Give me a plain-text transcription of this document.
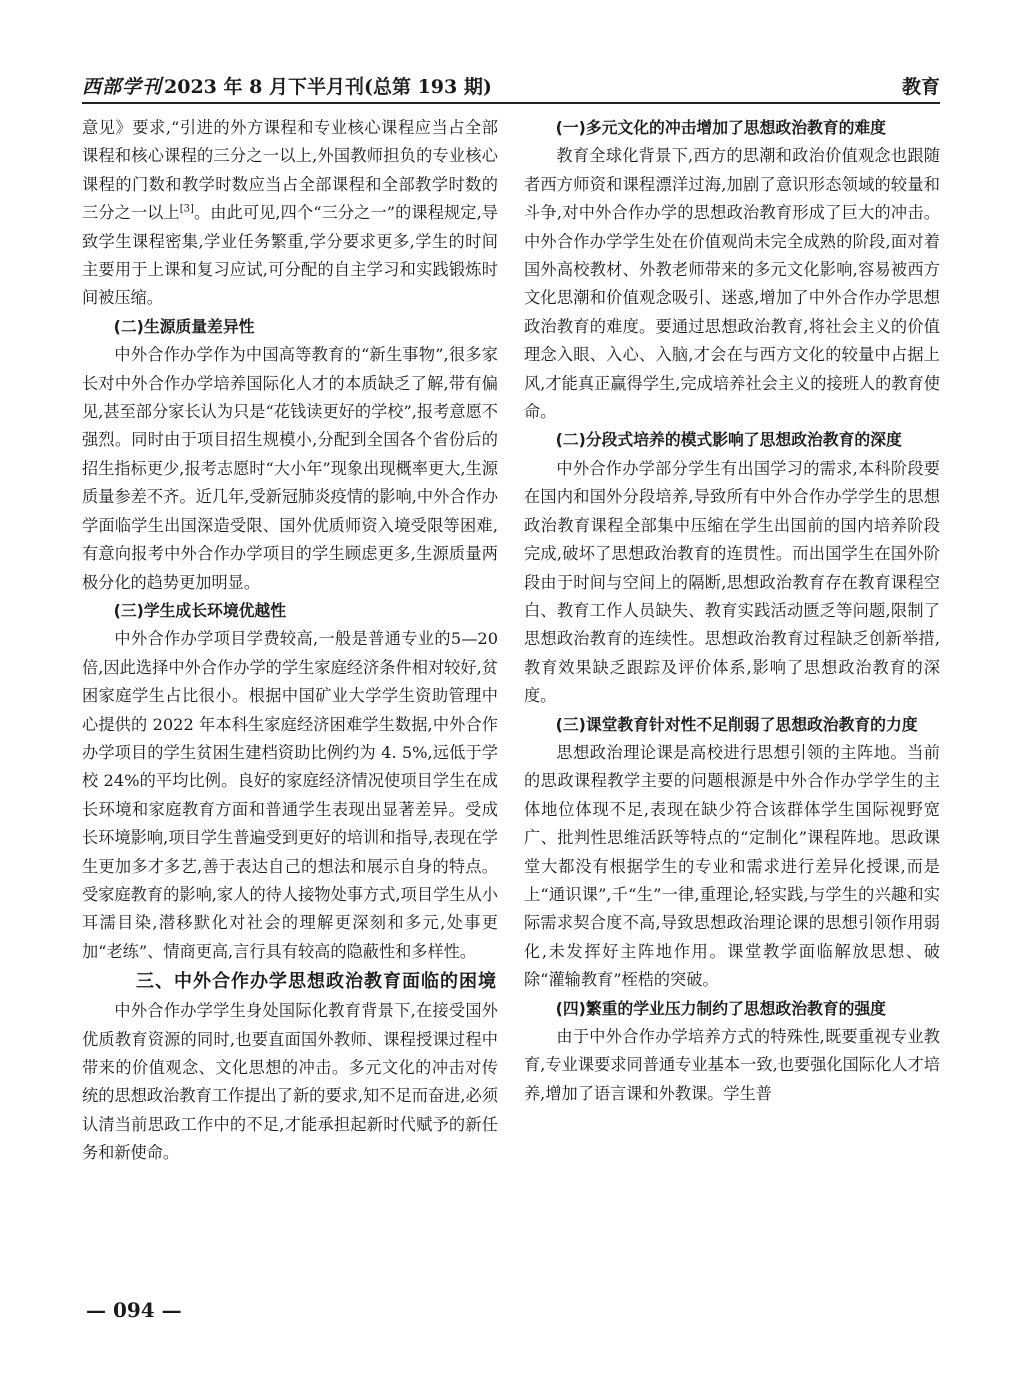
西部学刊 2023 年 8 月下半月刊(总第 193 期)	教育

意见》要求,“引进的外方课程和专业核心课程应当占全部课程和核心课程的三分之一以上,外国教师担负的专业核心课程的门数和教学时数应当占全部课程和全部教学时数的三分之一以上[3]。由此可见,四个“三分之一”的课程规定,导致学生课程密集,学业任务繁重,学分要求更多,学生的时间主要用于上课和复习应试,可分配的自主学习和实践锻炼时间被压缩。

(二)生源质量差异性

中外合作办学作为中国高等教育的“新生事物”,很多家长对中外合作办学培养国际化人才的本质缺乏了解,带有偏见,甚至部分家长认为只是“花钱读更好的学校”,报考意愿不强烈。同时由于项目招生规模小,分配到全国各个省份后的招生指标更少,报考志愿时“大小年”现象出现概率更大,生源质量参差不齐。近几年,受新冠肺炎疫情的影响,中外合作办学面临学生出国深造受限、国外优质师资入境受限等困难,有意向报考中外合作办学项目的学生顾虑更多,生源质量两极分化的趋势更加明显。

(三)学生成长环境优越性

中外合作办学项目学费较高,一般是普通专业的5—20 倍,因此选择中外合作办学的学生家庭经济条件相对较好,贫困家庭学生占比很小。根据中国矿业大学学生资助管理中心提供的 2022 年本科生家庭经济困难学生数据,中外合作办学项目的学生贫困生建档资助比例约为 4. 5%,远低于学校 24%的平均比例。良好的家庭经济情况使项目学生在成长环境和家庭教育方面和普通学生表现出显著差异。受成长环境影响,项目学生普遍受到更好的培训和指导,表现在学生更加多才多艺,善于表达自己的想法和展示自身的特点。受家庭教育的影响,家人的待人接物处事方式,项目学生从小耳濡目染,潜移默化对社会的理解更深刻和多元,处事更加“老练”、情商更高,言行具有较高的隐蔽性和多样性。

三、中外合作办学思想政治教育面临的困境

中外合作办学学生身处国际化教育背景下,在接受国外优质教育资源的同时,也要直面国外教师、课程授课过程中带来的价值观念、文化思想的冲击。多元文化的冲击对传统的思想政治教育工作提出了新的要求,知不足而奋进,必须认清当前思政工作中的不足,才能承担起新时代赋予的新任务和新使命。

(一)多元文化的冲击增加了思想政治教育的难度

教育全球化背景下,西方的思潮和政治价值观念也跟随者西方师资和课程漂洋过海,加剧了意识形态领域的较量和斗争,对中外合作办学的思想政治教育形成了巨大的冲击。中外合作办学学生处在价值观尚未完全成熟的阶段,面对着国外高校教材、外教老师带来的多元文化影响,容易被西方文化思潮和价值观念吸引、迷惑,增加了中外合作办学思想政治教育的难度。要通过思想政治教育,将社会主义的价值理念入眼、入心、入脑,才会在与西方文化的较量中占据上风,才能真正赢得学生,完成培养社会主义的接班人的教育使命。

(二)分段式培养的模式影响了思想政治教育的深度

中外合作办学部分学生有出国学习的需求,本科阶段要在国内和国外分段培养,导致所有中外合作办学学生的思想政治教育课程全部集中压缩在学生出国前的国内培养阶段完成,破坏了思想政治教育的连贯性。而出国学生在国外阶段由于时间与空间上的隔断,思想政治教育存在教育课程空白、教育工作人员缺失、教育实践活动匮乏等问题,限制了思想政治教育的连续性。思想政治教育过程缺乏创新举措,教育效果缺乏跟踪及评价体系,影响了思想政治教育的深度。

(三)课堂教育针对性不足削弱了思想政治教育的力度

思想政治理论课是高校进行思想引领的主阵地。当前的思政课程教学主要的问题根源是中外合作办学学生的主体地位体现不足,表现在缺少符合该群体学生国际视野宽广、批判性思维活跃等特点的“定制化”课程阵地。思政课堂大都没有根据学生的专业和需求进行差异化授课,而是上“通识课”,千“生”一律,重理论,轻实践,与学生的兴趣和实际需求契合度不高,导致思想政治理论课的思想引领作用弱化,未发挥好主阵地作用。课堂教学面临解放思想、破除“灌输教育”桎梏的突破。

(四)繁重的学业压力制约了思想政治教育的强度

由于中外合作办学培养方式的特殊性,既要重视专业教育,专业课要求同普通专业基本一致,也要强化国际化人才培养,增加了语言课和外教课。学生普

— 094 —
